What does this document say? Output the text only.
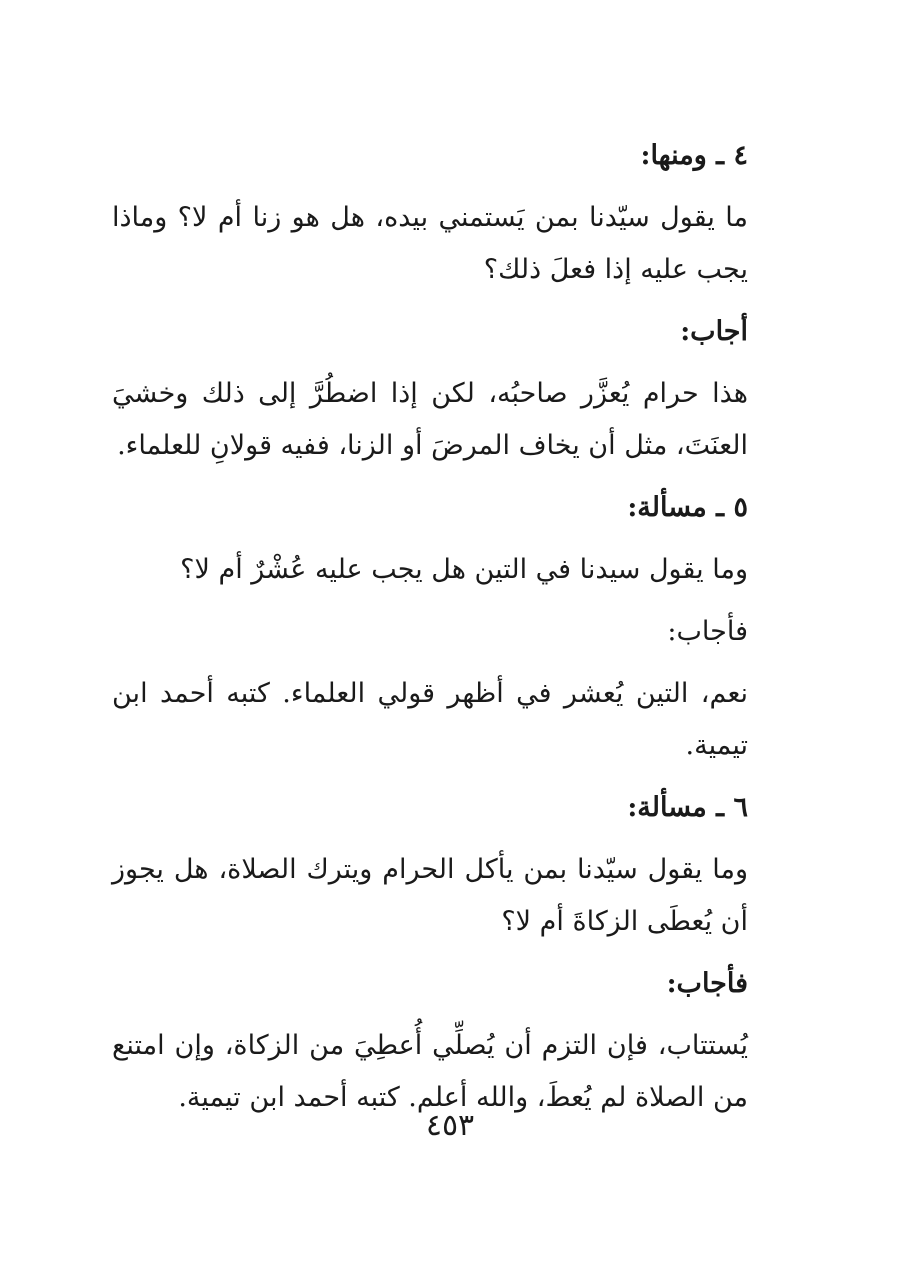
٤ ـ ومنها:

ما يقول سيّدنا بمن يَستمني بيده، هل هو زنا أم لا؟ وماذا يجب عليه إذا فعلَ ذلك؟

أجاب:

هذا حرام يُعزَّر صاحبُه، لكن إذا اضطُرَّ إلى ذلك وخشيَ العنَتَ، مثل أن يخاف المرضَ أو الزنا، ففيه قولانِ للعلماء.

٥ ـ مسألة:

وما يقول سيدنا في التين هل يجب عليه عُشْرٌ أم لا؟

فأجاب:

نعم، التين يُعشر في أظهر قولي العلماء. كتبه أحمد ابن تيمية.

٦ ـ مسألة:

وما يقول سيّدنا بمن يأكل الحرام ويترك الصلاة، هل يجوز أن يُعطَى الزكاةَ أم لا؟

فأجاب:

يُستتاب، فإن التزم أن يُصلِّي أُعطِيَ من الزكاة، وإن امتنع من الصلاة لم يُعطَ، والله أعلم. كتبه أحمد ابن تيمية.

٤٥٣
